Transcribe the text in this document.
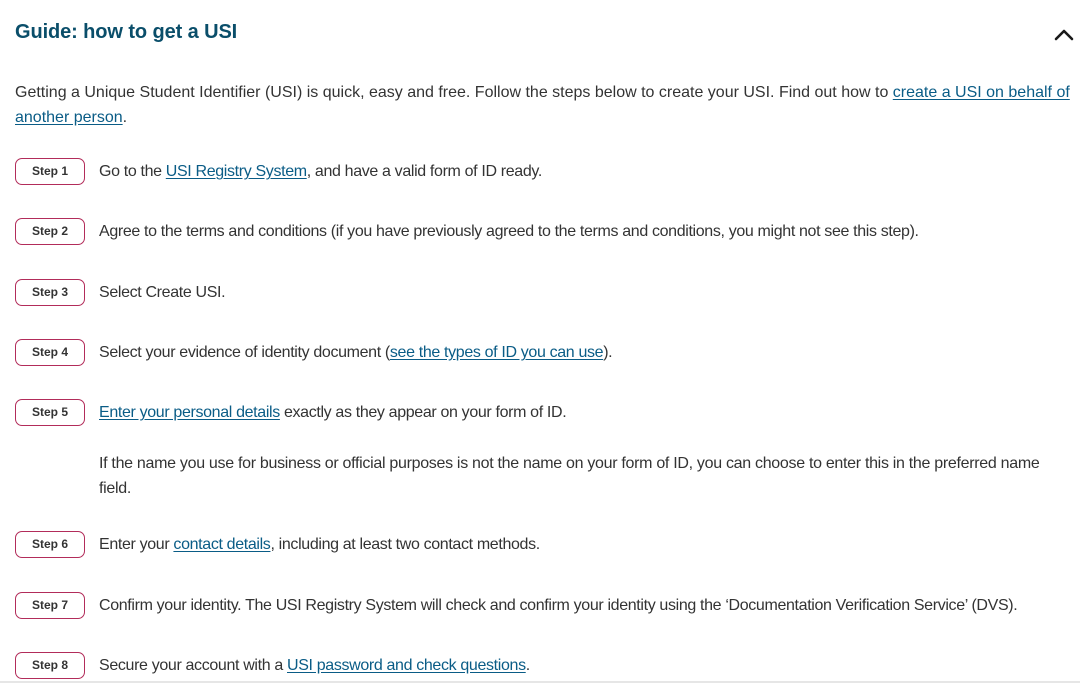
Guide: how to get a USI

Getting a Unique Student Identifier (USI) is quick, easy and free. Follow the steps below to create your USI. Find out how to create a USI on behalf of another person.

Step 1	Go to the USI Registry System, and have a valid form of ID ready.
Step 2	Agree to the terms and conditions (if you have previously agreed to the terms and conditions, you might not see this step).
Step 3	Select Create USI.
Step 4	Select your evidence of identity document (see the types of ID you can use).
Step 5	Enter your personal details exactly as they appear on your form of ID.

If the name you use for business or official purposes is not the name on your form of ID, you can choose to enter this in the preferred name field.

Step 6	Enter your contact details, including at least two contact methods.
Step 7	Confirm your identity. The USI Registry System will check and confirm your identity using the ‘Documentation Verification Service’ (DVS).
Step 8	Secure your account with a USI password and check questions.
